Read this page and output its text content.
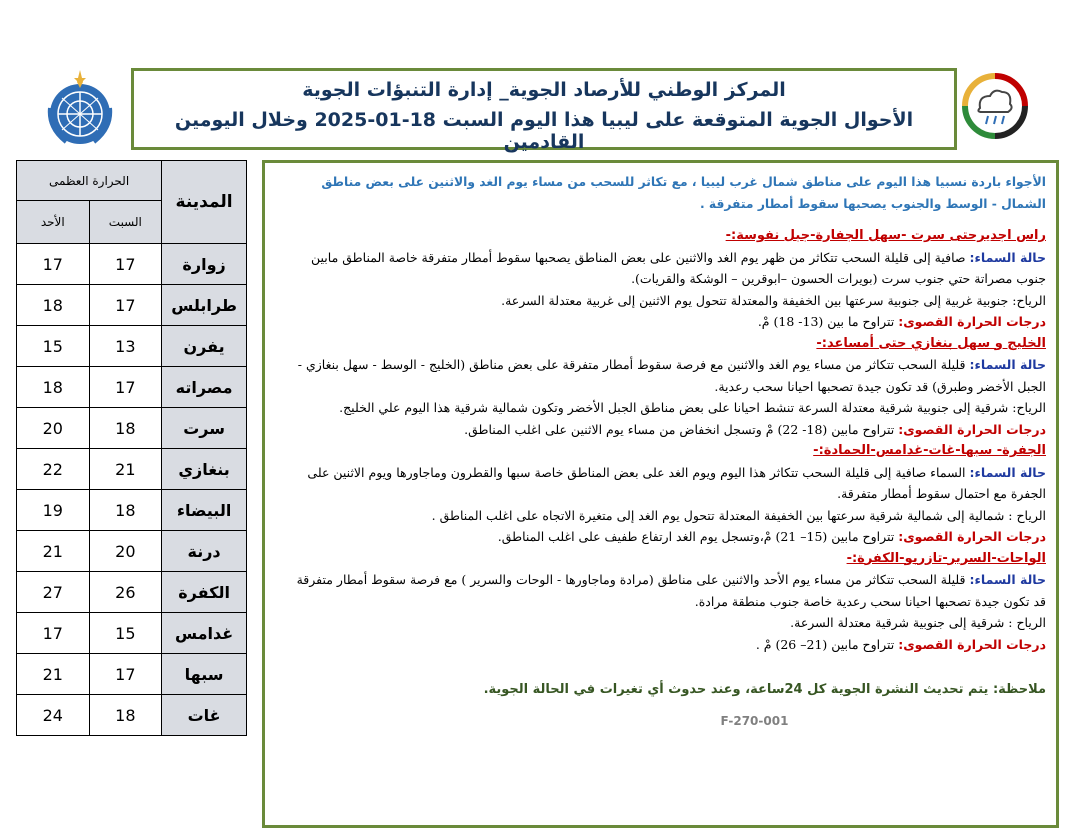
المركز الوطني للأرصاد الجوية_ إدارة التنبؤات الجوية
الأحوال الجوية المتوقعة على ليبيا هذا اليوم السبت 18-01-2025 وخلال اليومين القادمين
الحرارة العظمى		المدينة
الأحد	السبت	
17	17	زوارة
18	17	طرابلس
15	13	يفرن
18	17	مصراته
20	18	سرت
22	21	بنغازي
19	18	البيضاء
21	20	درنة
27	26	الكفرة
17	15	غدامس
21	17	سبها
24	18	غات
الأجواء باردة نسبيا هذا اليوم على مناطق شمال غرب ليبيا ، مع تكاثر للسحب من مساء يوم الغد والاثنين على بعض مناطق الشمال - الوسط والجنوب يصحبها سقوط أمطار متفرقة .
راس اجديرحتى سرت -سهل الجفارة-جبل نفوسة:-
حالة السماء: صافية إلى قليلة السحب تتكاثر من ظهر يوم الغد والاثنين على بعض المناطق يصحبها سقوط أمطار متفرقة خاصة المناطق مابين جنوب مصراتة حتي جنوب سرت (بويرات الحسون –ابوقرين – الوشكة والقريات).
الرياح: جنوبية غربية إلى جنوبية سرعتها بين الخفيفة والمعتدلة تتحول يوم الاثنين إلى غربية معتدلة السرعة.
درجات الحرارة القصوى: تتراوح ما بين (13- 18) مْ.
الخليج و سهل بنغازي حتى أمساعد:-
حالة السماء: قليلة السحب تتكاثر من مساء يوم الغد والاثنين مع فرصة سقوط أمطار متفرقة على بعض مناطق (الخليج - الوسط - سهل بنغازي - الجبل الأخضر وطبرق) قد تكون جيدة تصحبها احيانا سحب رعدية.
الرياح: شرقية إلى جنوبية شرقية معتدلة السرعة تنشط احيانا على بعض مناطق الجبل الأخضر وتكون شمالية شرقية هذا اليوم علي الخليج.
درجات الحرارة القصوى: تتراوح مابين (18- 22) مْ وتسجل انخفاض من مساء يوم الاثنين على اغلب المناطق.
الجفرة- سبها-غات-غدامس-الحمادة:-
حالة السماء: السماء صافية إلى قليلة السحب تتكاثر هذا اليوم ويوم الغد على بعض المناطق خاصة سبها والقطرون وماجاورها ويوم الاثنين على الجفرة مع احتمال سقوط أمطار متفرقة.
الرياح : شمالية إلى شمالية شرقية سرعتها بين الخفيفة المعتدلة تتحول يوم الغد إلى متغيرة الاتجاه على اغلب المناطق .
درجات الحرارة القصوى: تتراوح مابين (15– 21) مْ،وتسجل يوم الغد ارتفاع طفيف على اغلب المناطق.
الواحات-السرير-تازربو-الكفرة:-
حالة السماء: قليلة السحب تتكاثر من مساء يوم الأحد والاثنين على مناطق (مرادة وماجاورها - الوحات والسرير ) مع فرصة سقوط أمطار متفرقة قد تكون جيدة تصحبها احيانا سحب رعدية خاصة جنوب منطقة مرادة.
الرياح : شرقية إلى جنوبية شرقية معتدلة السرعة.
درجات الحرارة القصوى: تتراوح مابين (21– 26) مْ .
ملاحظة: يتم تحديث النشرة الجوية كل 24ساعة، وعند حدوث أي تغيرات في الحالة الجوية.
F-270-001
